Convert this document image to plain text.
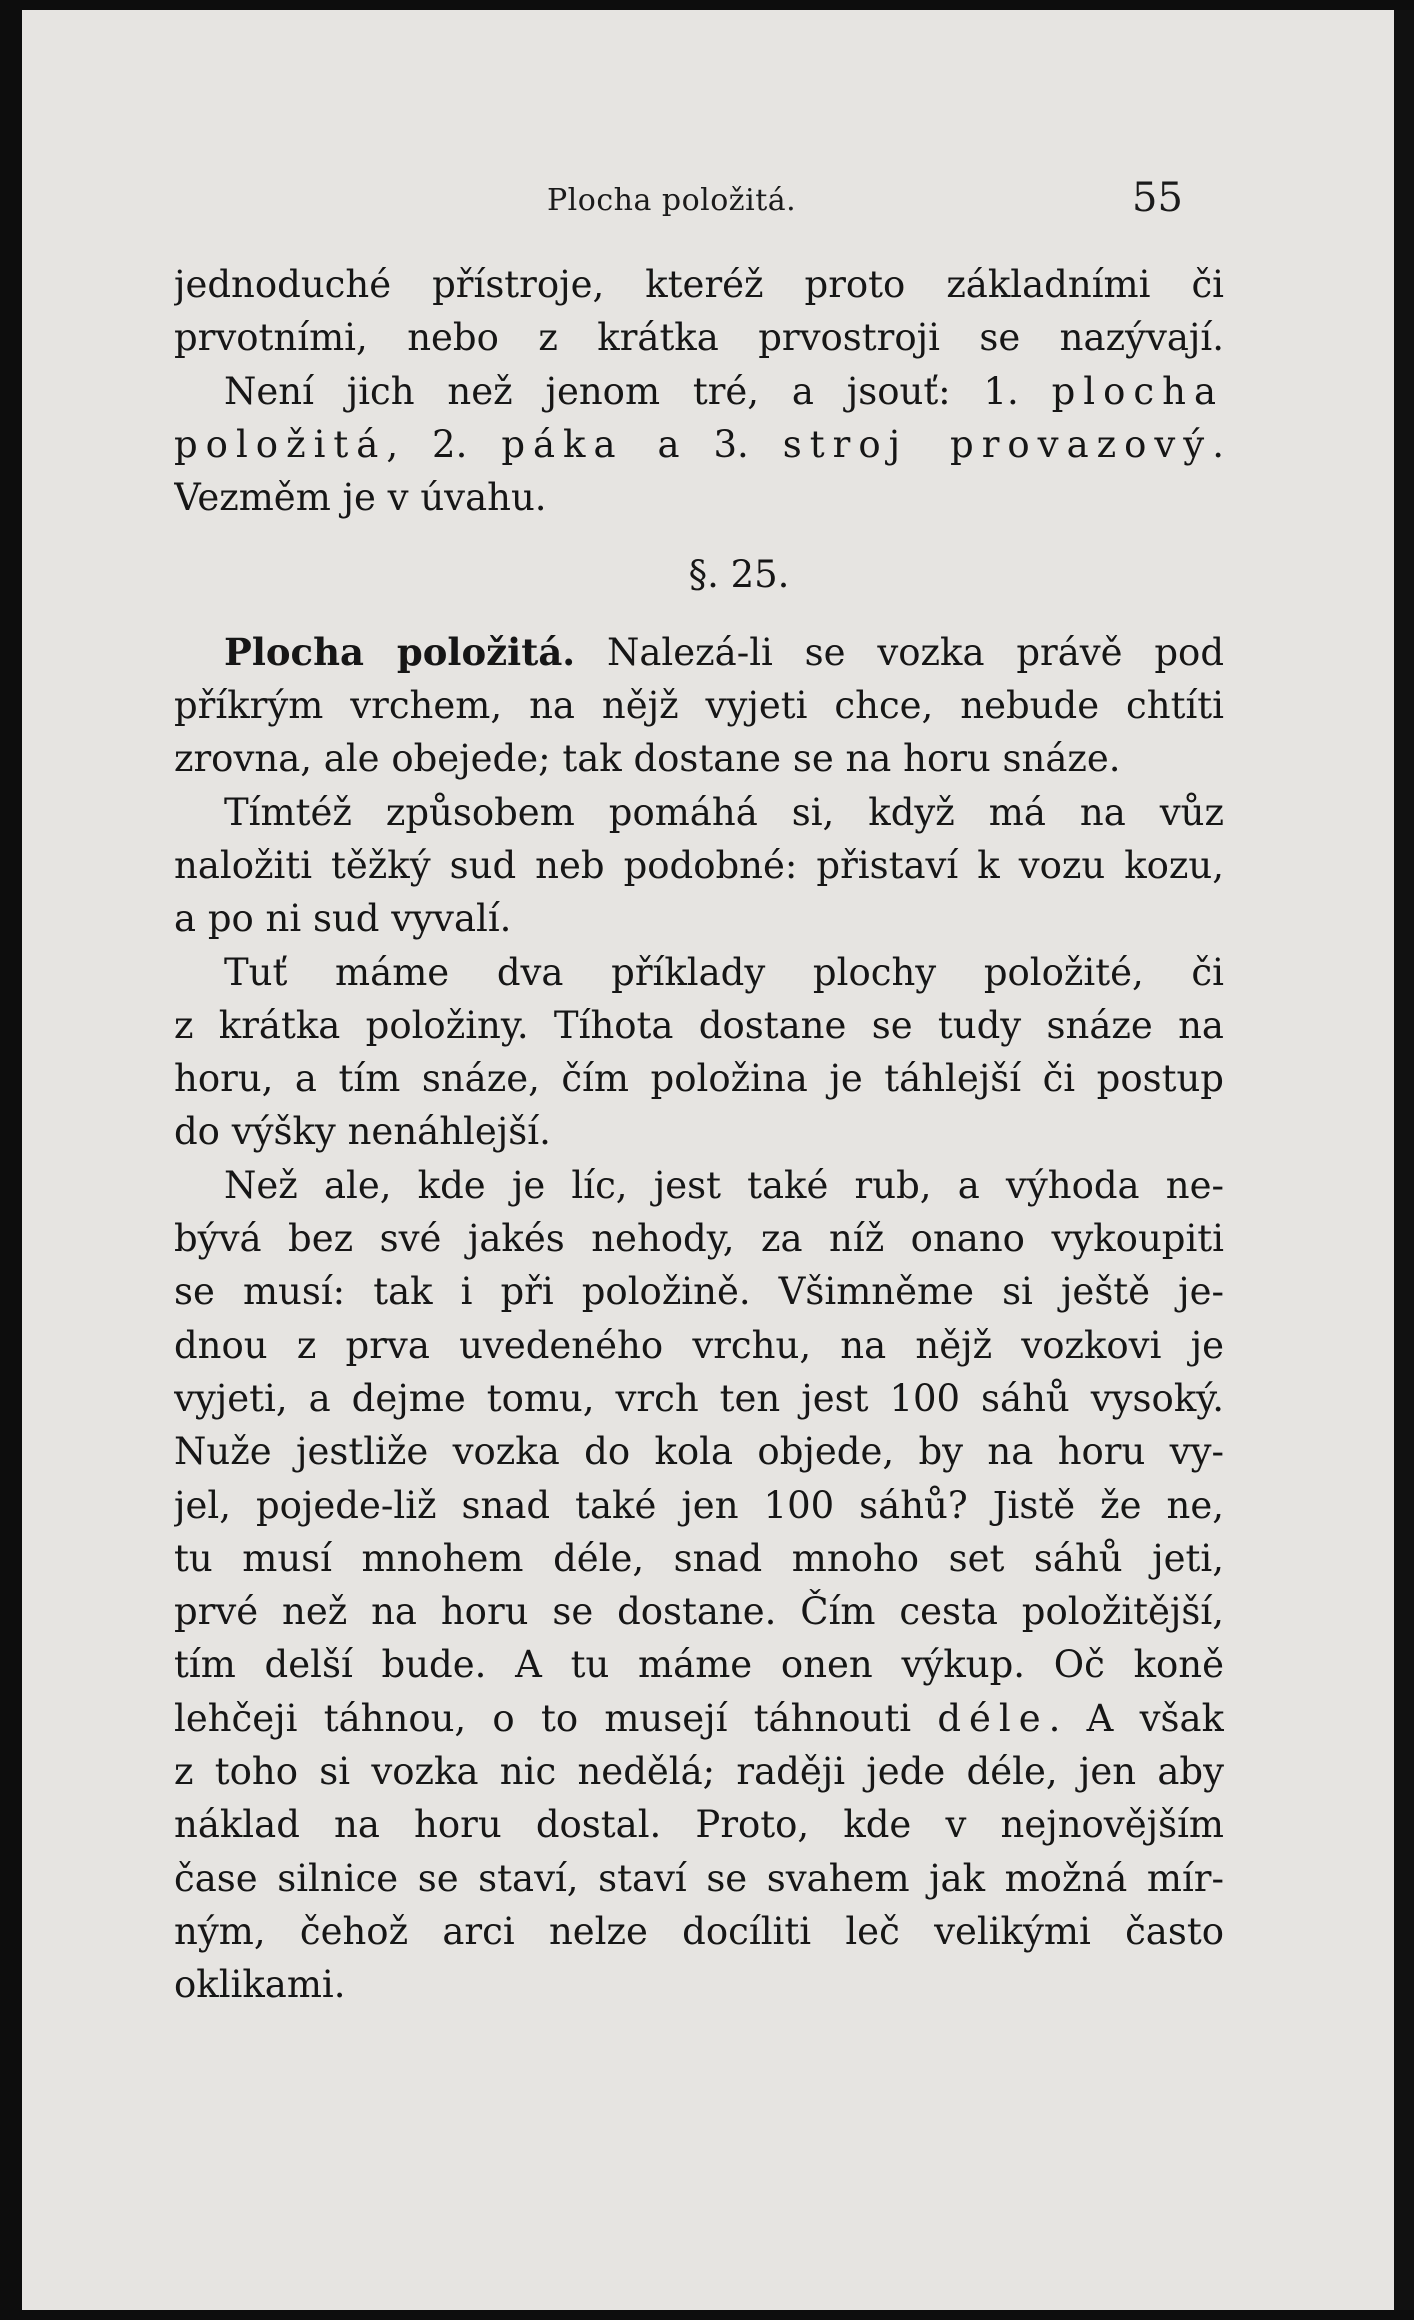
Plocha položitá.	55
jednoduché přístroje, kteréž proto základními či
prvotními, nebo z krátka prvostroji se nazývají.
Není jich než jenom tré, a jsouť: 1. plocha
položitá, 2. páka a 3. stroj provazový.
Vezměm je v úvahu.
§. 25.
Plocha položitá. Nalezá-li se vozka právě pod
příkrým vrchem, na nějž vyjeti chce, nebude chtíti
zrovna, ale obejede; tak dostane se na horu snáze.
Tímtéž způsobem pomáhá si, když má na vůz
naložiti těžký sud neb podobné: přistaví k vozu kozu,
a po ni sud vyvalí.
Tuť máme dva příklady plochy položité, či
z krátka položiny. Tíhota dostane se tudy snáze na
horu, a tím snáze, čím položina je táhlejší či postup
do výšky nenáhlejší.
Než ale, kde je líc, jest také rub, a výhoda ne-
bývá bez své jakés nehody, za níž onano vykoupiti
se musí: tak i při položině. Všimněme si ještě je-
dnou z prva uvedeného vrchu, na nějž vozkovi je
vyjeti, a dejme tomu, vrch ten jest 100 sáhů vysoký.
Nuže jestliže vozka do kola objede, by na horu vy-
jel, pojede-liž snad také jen 100 sáhů? Jistě že ne,
tu musí mnohem déle, snad mnoho set sáhů jeti,
prvé než na horu se dostane. Čím cesta položitější,
tím delší bude. A tu máme onen výkup. Oč koně
lehčeji táhnou, o to musejí táhnouti déle. A však
z toho si vozka nic nedělá; raději jede déle, jen aby
náklad na horu dostal. Proto, kde v nejnovějším
čase silnice se staví, staví se svahem jak možná mír-
ným, čehož arci nelze docíliti leč velikými často
oklikami.
